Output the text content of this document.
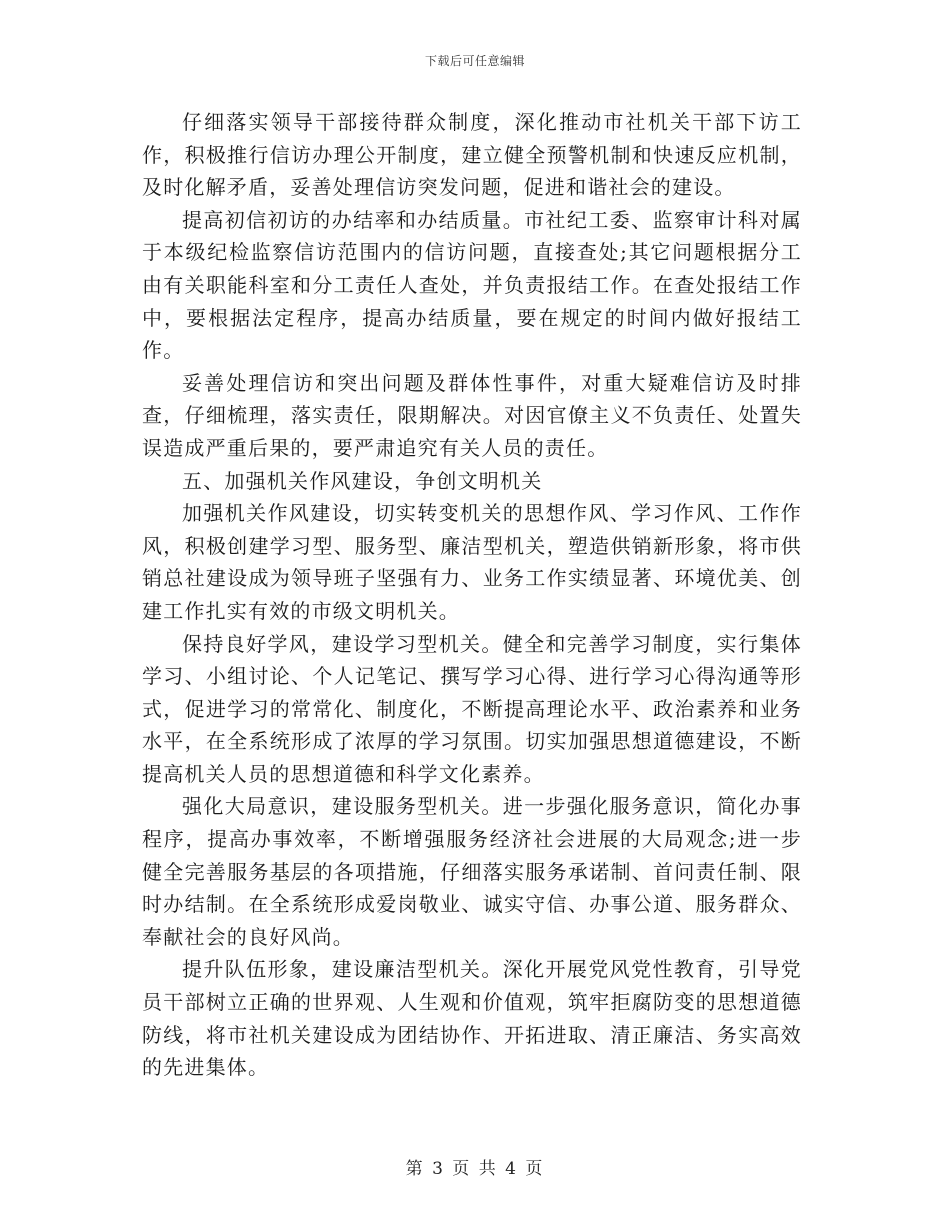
下载后可任意编辑

仔细落实领导干部接待群众制度，深化推动市社机关干部下访工作，积极推行信访办理公开制度，建立健全预警机制和快速反应机制，及时化解矛盾，妥善处理信访突发问题，促进和谐社会的建设。

提高初信初访的办结率和办结质量。市社纪工委、监察审计科对属于本级纪检监察信访范围内的信访问题，直接查处;其它问题根据分工由有关职能科室和分工责任人查处，并负责报结工作。在查处报结工作中，要根据法定程序，提高办结质量，要在规定的时间内做好报结工作。

妥善处理信访和突出问题及群体性事件，对重大疑难信访及时排查，仔细梳理，落实责任，限期解决。对因官僚主义不负责任、处置失误造成严重后果的，要严肃追究有关人员的责任。

五、加强机关作风建设，争创文明机关

加强机关作风建设，切实转变机关的思想作风、学习作风、工作作风，积极创建学习型、服务型、廉洁型机关，塑造供销新形象，将市供销总社建设成为领导班子坚强有力、业务工作实绩显著、环境优美、创建工作扎实有效的市级文明机关。

保持良好学风，建设学习型机关。健全和完善学习制度，实行集体学习、小组讨论、个人记笔记、撰写学习心得、进行学习心得沟通等形式，促进学习的常常化、制度化，不断提高理论水平、政治素养和业务水平，在全系统形成了浓厚的学习氛围。切实加强思想道德建设，不断提高机关人员的思想道德和科学文化素养。

强化大局意识，建设服务型机关。进一步强化服务意识，简化办事程序，提高办事效率，不断增强服务经济社会进展的大局观念;进一步健全完善服务基层的各项措施，仔细落实服务承诺制、首问责任制、限时办结制。在全系统形成爱岗敬业、诚实守信、办事公道、服务群众、奉献社会的良好风尚。

提升队伍形象，建设廉洁型机关。深化开展党风党性教育，引导党员干部树立正确的世界观、人生观和价值观，筑牢拒腐防变的思想道德防线，将市社机关建设成为团结协作、开拓进取、清正廉洁、务实高效的先进集体。

第 3 页 共 4 页
